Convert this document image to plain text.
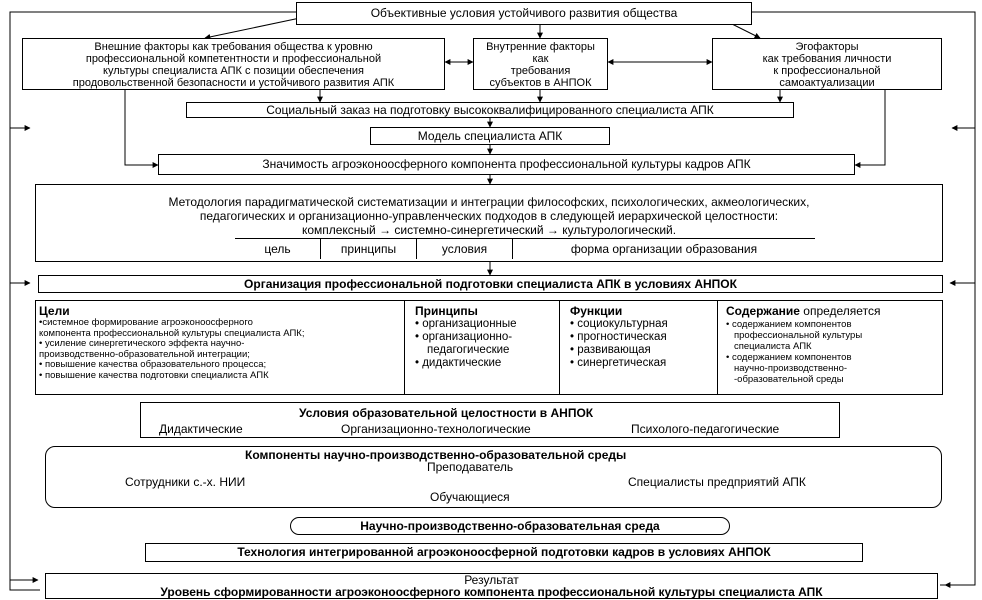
Объективные условия устойчивого развития общества
Внешние факторы как требования общества к уровню
профессиональной компетентности и профессиональной
культуры специалиста АПК с позиции обеспечения
продовольственной безопасности и устойчивого развития АПК
Внутренние факторы
как
требования
субъектов в АНПОК
Эгофакторы
как требования личности
к профессиональной
самоактуализации
Социальный заказ на подготовку высококвалифицированного специалиста АПК
Модель специалиста АПК
Значимость агроэконоосферного компонента профессиональной культуры кадров АПК
Методология парадигматической систематизации и интеграции философских, психологических, акмеологических,
педагогических и организационно-управленческих подходов в следующей иерархической целостности:
комплексный → системно-синергетический → культурологический.
цель	принципы	условия	форма организации образования
Организация профессиональной подготовки специалиста АПК в условиях АНПОК
Цели
•системное формирование агроэконоосферного
компонента профессиональной культуры специалиста АПК;
• усиление синергетического эффекта научно-
производственно-образовательной интеграции;
• повышение качества образовательного процесса;
• повышение качества подготовки специалиста АПК
Принципы
• организационные
• организационно-
педагогические
• дидактические
Функции
• социокультурная
• прогностическая
• развивающая
• синергетическая
Содержание определяется
• содержанием компонентов
профессиональной культуры
специалиста АПК
• содержанием компонентов
научно-производственно-
-образовательной среды
Условия образовательной целостности в АНПОК
Дидактические	Организационно-технологические	Психолого-педагогические
Компоненты научно-производственно-образовательной среды
Преподаватель
Сотрудники с.-х. НИИ	Специалисты предприятий АПК
Обучающиеся
Научно-производственно-образовательная среда
Технология интегрированной агроэконоосферной подготовки кадров в условиях АНПОК
Результат
Уровень сформированности агроэконоосферного компонента профессиональной культуры специалиста АПК
